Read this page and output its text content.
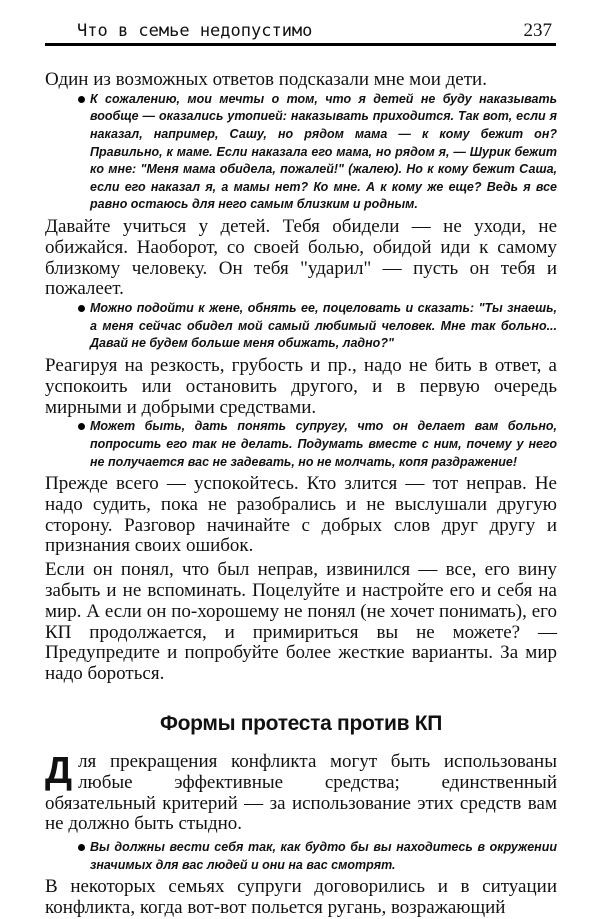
Что в семье недопустимо	237

Один из возможных ответов подсказали мне мои дети.

К сожалению, мои мечты о том, что я детей не буду наказывать вообще — оказались утопией: наказывать приходится. Так вот, если я наказал, например, Сашу, но рядом мама — к кому бежит он? Правильно, к маме. Если наказала его мама, но рядом я, — Шурик бежит ко мне: "Меня мама обидела, пожалей!" (жалею). Но к кому бежит Саша, если его наказал я, а мамы нет? Ко мне. А к кому же еще? Ведь я все равно остаюсь для него самым близким и родным.

Давайте учиться у детей. Тебя обидели — не уходи, не обижайся. Наоборот, со своей болью, обидой иди к самому близкому человеку. Он тебя "ударил" — пусть он тебя и пожалеет.

Можно подойти к жене, обнять ее, поцеловать и сказать: "Ты знаешь, а меня сейчас обидел мой самый любимый человек. Мне так больно... Давай не будем больше меня обижать, ладно?"

Реагируя на резкость, грубость и пр., надо не бить в ответ, а успокоить или остановить другого, и в первую очередь мирными и добрыми средствами.

Может быть, дать понять супругу, что он делает вам больно, попросить его так не делать. Подумать вместе с ним, почему у него не получается вас не задевать, но не молчать, копя раздражение!

Прежде всего — успокойтесь. Кто злится — тот неправ. Не надо судить, пока не разобрались и не выслушали другую сторону. Разговор начинайте с добрых слов друг другу и признания своих ошибок.

Если он понял, что был неправ, извинился — все, его вину забыть и не вспоминать. Поцелуйте и настройте его и себя на мир. А если он по-хорошему не понял (не хочет понимать), его КП продолжается, и примириться вы не можете? — Предупредите и попробуйте более жесткие варианты. За мир надо бороться.

Формы протеста против КП

Для прекращения конфликта могут быть использованы любые эффективные средства; единственный обязательный критерий — за использование этих средств вам не должно быть стыдно.

Вы должны вести себя так, как будто бы вы находитесь в окружении значимых для вас людей и они на вас смотрят.

В некоторых семьях супруги договорились и в ситуации конфликта, когда вот-вот польется ругань, возражающий
